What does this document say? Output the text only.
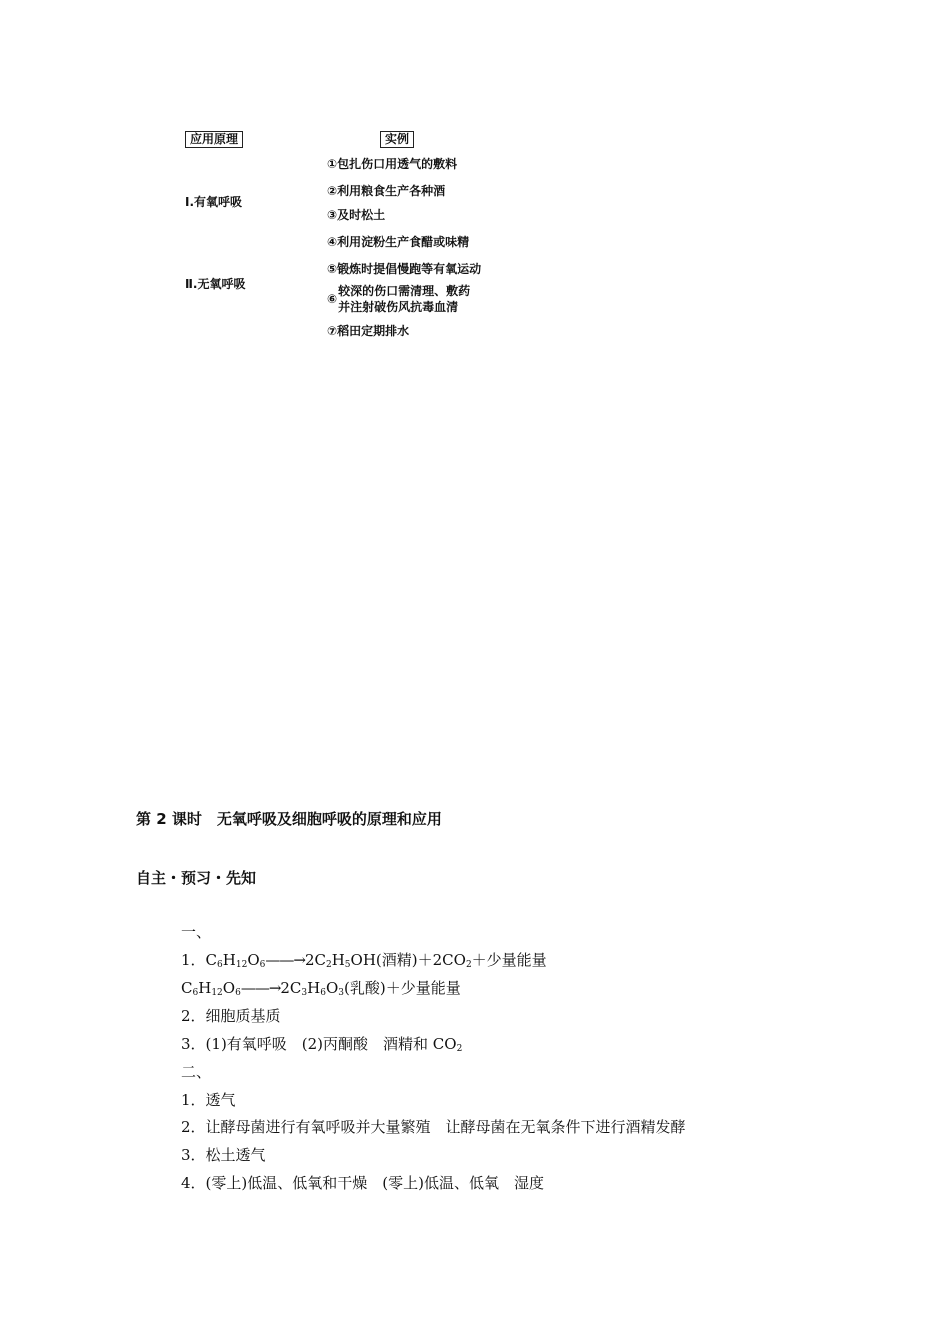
应用原理	实例
Ⅰ.有氧呼吸
Ⅱ.无氧呼吸
①包扎伤口用透气的敷料
②利用粮食生产各种酒
③及时松土
④利用淀粉生产食醋或味精
⑤锻炼时提倡慢跑等有氧运动
⑥
较深的伤口需清理、敷药
并注射破伤风抗毒血清
⑦稻田定期排水
第 2 课时　无氧呼吸及细胞呼吸的原理和应用
自主・预习・先知
一、
1．$C_6H_{12}O_6——\to 2C_2H_5OH$(酒精)$+2CO_2+$少量能量
$C_6H_{12}O_6——\to 2C_3H_6O_3$(乳酸)＋少量能量
2．细胞质基质
3．(1)有氧呼吸　(2)丙酮酸　酒精和 $CO_2$
二、
1．透气
2．让酵母菌进行有氧呼吸并大量繁殖　让酵母菌在无氧条件下进行酒精发酵
3．松土透气
4．(零上)低温、低氧和干燥　(零上)低温、低氧　湿度
